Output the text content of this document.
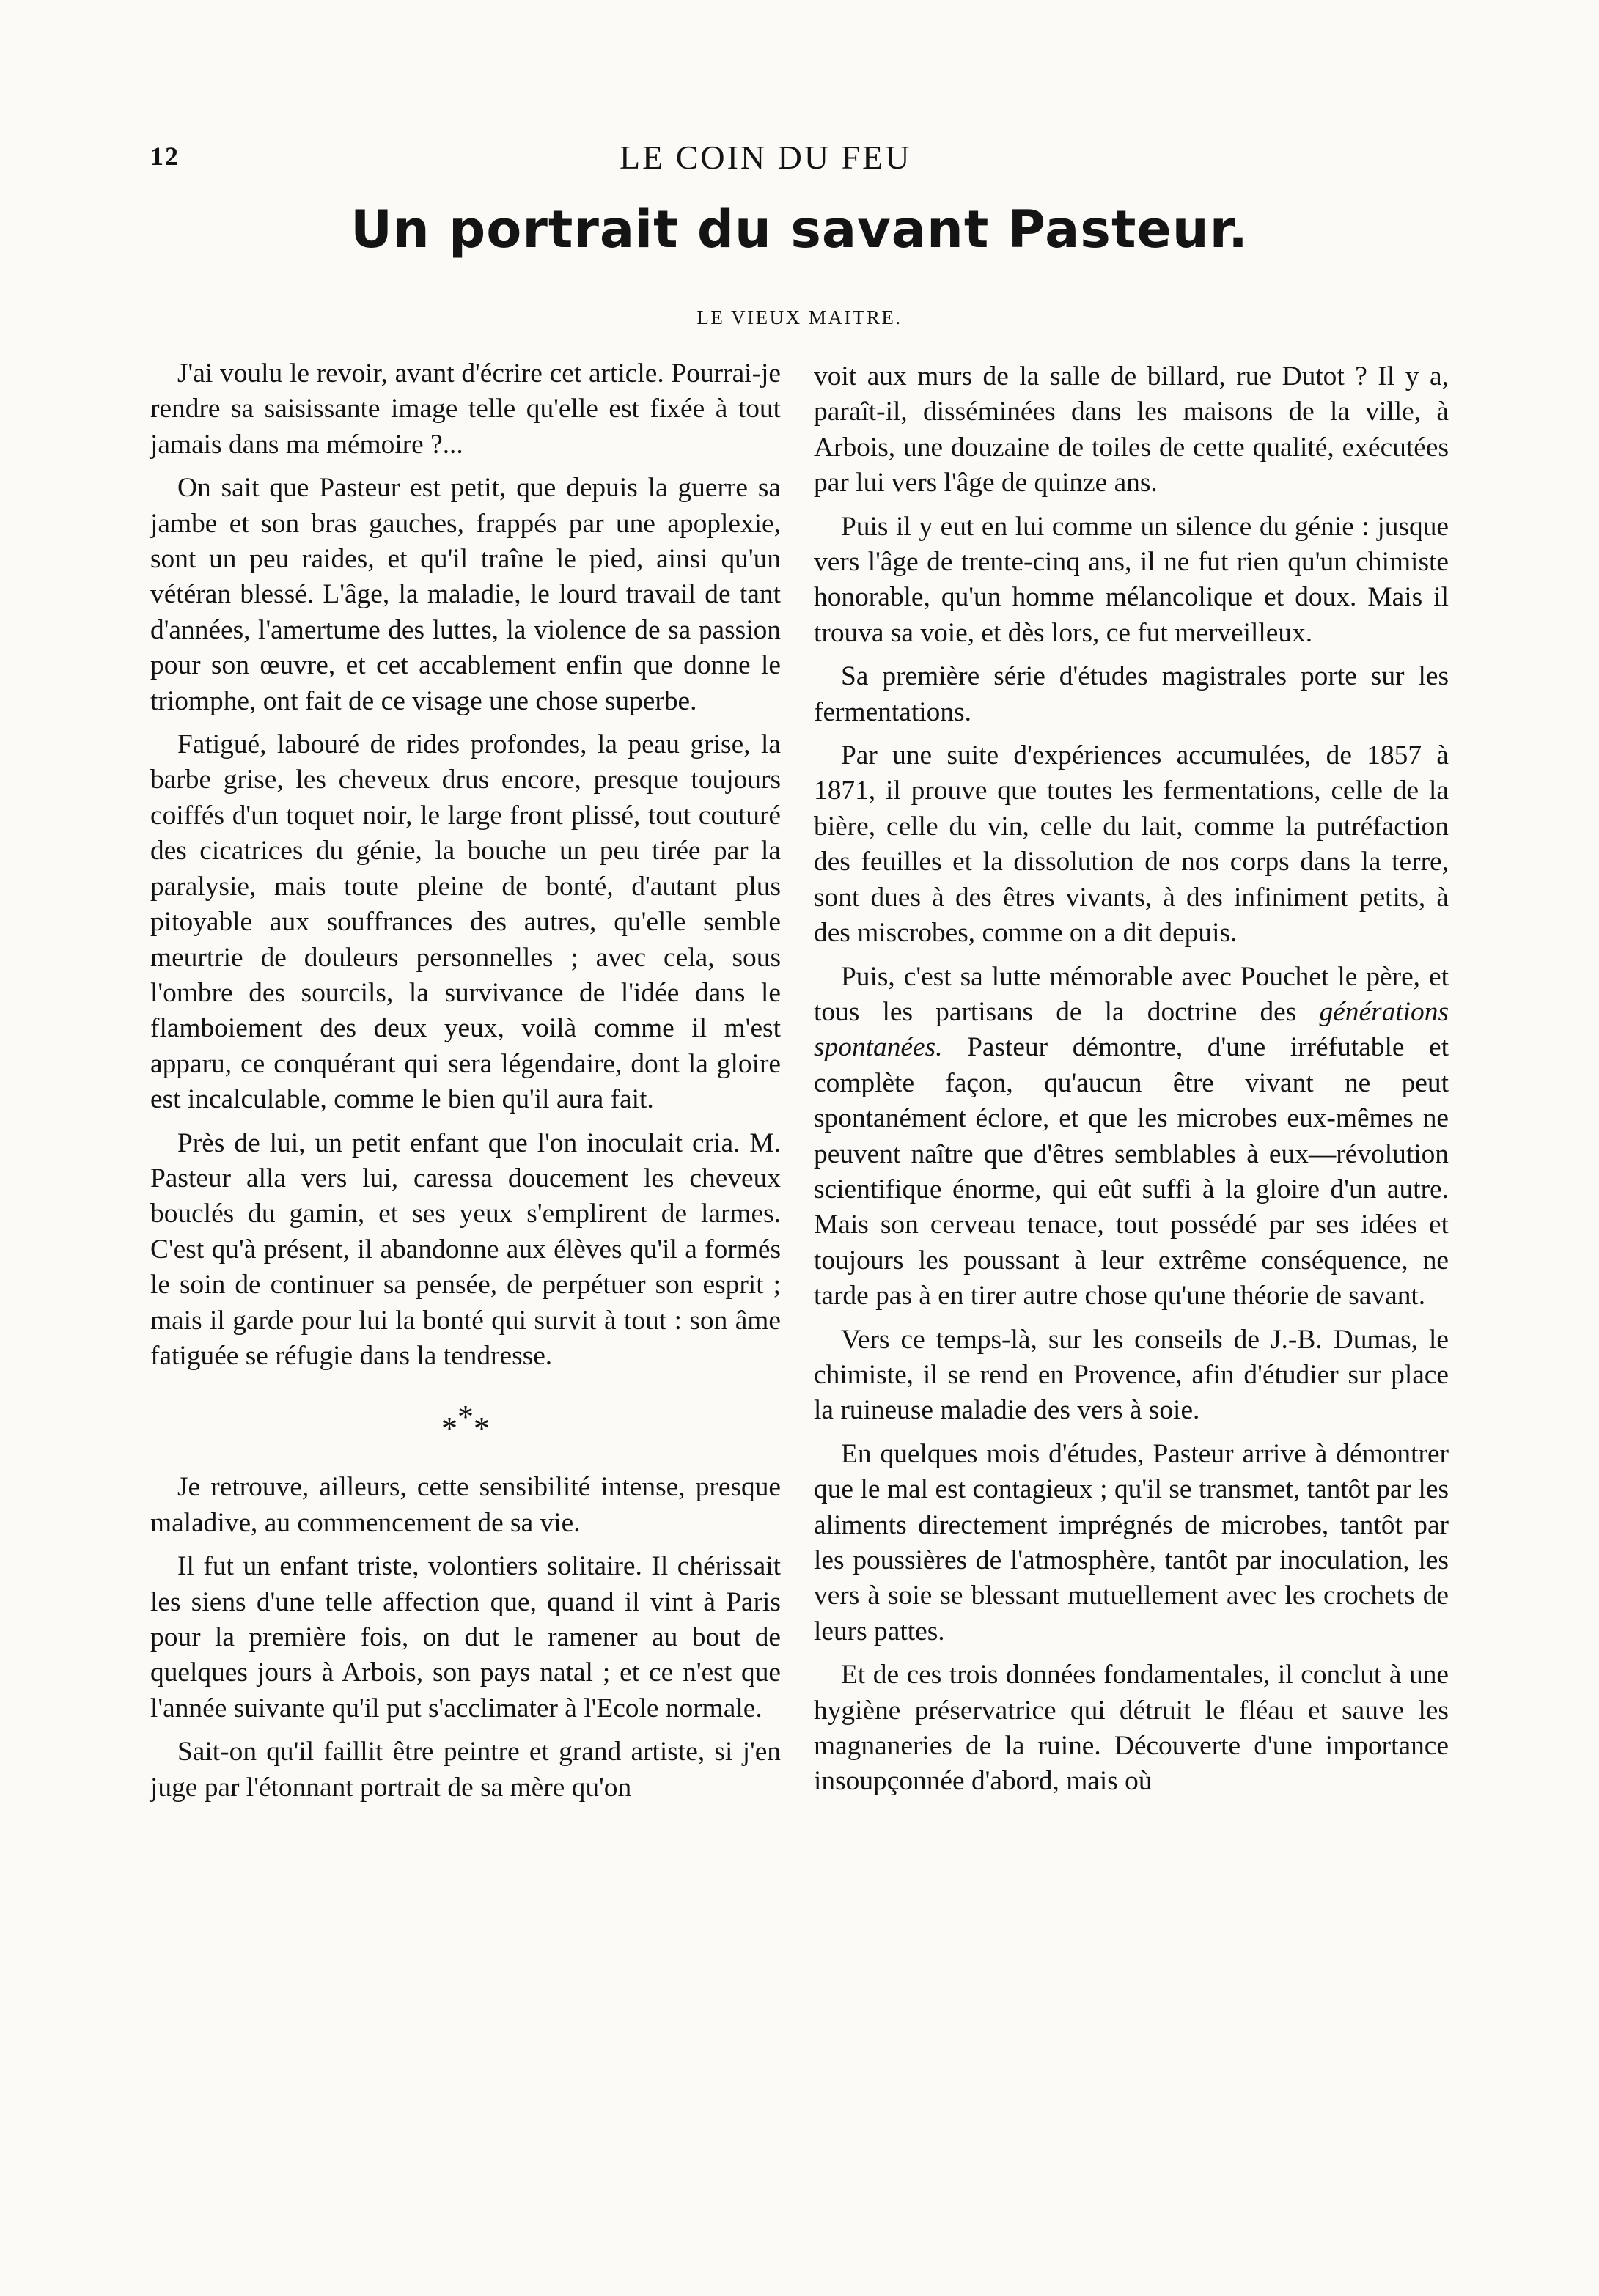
12	LE COIN DU FEU
Un portrait du savant Pasteur.
LE VIEUX MAITRE.

J'ai voulu le revoir, avant d'écrire cet article. Pourrai-je rendre sa saisissante image telle qu'elle est fixée à tout jamais dans ma mémoire ?...

On sait que Pasteur est petit, que depuis la guerre sa jambe et son bras gauches, frappés par une apoplexie, sont un peu raides, et qu'il traîne le pied, ainsi qu'un vétéran blessé. L'âge, la maladie, le lourd travail de tant d'années, l'amertume des luttes, la violence de sa passion pour son œuvre, et cet accablement enfin que donne le triomphe, ont fait de ce visage une chose superbe.

Fatigué, labouré de rides profondes, la peau grise, la barbe grise, les cheveux drus encore, presque toujours coiffés d'un toquet noir, le large front plissé, tout couturé des cicatrices du génie, la bouche un peu tirée par la paralysie, mais toute pleine de bonté, d'autant plus pitoyable aux souffrances des autres, qu'elle semble meurtrie de douleurs personnelles ; avec cela, sous l'ombre des sourcils, la survivance de l'idée dans le flamboiement des deux yeux, voilà comme il m'est apparu, ce conquérant qui sera légendaire, dont la gloire est incalculable, comme le bien qu'il aura fait.

Près de lui, un petit enfant que l'on inoculait cria. M. Pasteur alla vers lui, caressa doucement les cheveux bouclés du gamin, et ses yeux s'emplirent de larmes. C'est qu'à présent, il abandonne aux élèves qu'il a formés le soin de continuer sa pensée, de perpétuer son esprit ; mais il garde pour lui la bonté qui survit à tout : son âme fatiguée se réfugie dans la tendresse.

***

Je retrouve, ailleurs, cette sensibilité intense, presque maladive, au commencement de sa vie.

Il fut un enfant triste, volontiers solitaire. Il chérissait les siens d'une telle affection que, quand il vint à Paris pour la première fois, on dut le ramener au bout de quelques jours à Arbois, son pays natal ; et ce n'est que l'année suivante qu'il put s'acclimater à l'Ecole normale.

Sait-on qu'il faillit être peintre et grand artiste, si j'en juge par l'étonnant portrait de sa mère qu'on

voit aux murs de la salle de billard, rue Dutot ? Il y a, paraît-il, disséminées dans les maisons de la ville, à Arbois, une douzaine de toiles de cette qualité, exécutées par lui vers l'âge de quinze ans.

Puis il y eut en lui comme un silence du génie : jusque vers l'âge de trente-cinq ans, il ne fut rien qu'un chimiste honorable, qu'un homme mélancolique et doux. Mais il trouva sa voie, et dès lors, ce fut merveilleux.

Sa première série d'études magistrales porte sur les fermentations.

Par une suite d'expériences accumulées, de 1857 à 1871, il prouve que toutes les fermentations, celle de la bière, celle du vin, celle du lait, comme la putréfaction des feuilles et la dissolution de nos corps dans la terre, sont dues à des êtres vivants, à des infiniment petits, à des miscrobes, comme on a dit depuis.

Puis, c'est sa lutte mémorable avec Pouchet le père, et tous les partisans de la doctrine des générations spontanées. Pasteur démontre, d'une irréfutable et complète façon, qu'aucun être vivant ne peut spontanément éclore, et que les microbes eux-mêmes ne peuvent naître que d'êtres semblables à eux—révolution scientifique énorme, qui eût suffi à la gloire d'un autre. Mais son cerveau tenace, tout possédé par ses idées et toujours les poussant à leur extrême conséquence, ne tarde pas à en tirer autre chose qu'une théorie de savant.

Vers ce temps-là, sur les conseils de J.-B. Dumas, le chimiste, il se rend en Provence, afin d'étudier sur place la ruineuse maladie des vers à soie.

En quelques mois d'études, Pasteur arrive à démontrer que le mal est contagieux ; qu'il se transmet, tantôt par les aliments directement imprégnés de microbes, tantôt par les poussières de l'atmosphère, tantôt par inoculation, les vers à soie se blessant mutuellement avec les crochets de leurs pattes.

Et de ces trois données fondamentales, il conclut à une hygiène préservatrice qui détruit le fléau et sauve les magnaneries de la ruine. Découverte d'une importance insoupçonnée d'abord, mais où
